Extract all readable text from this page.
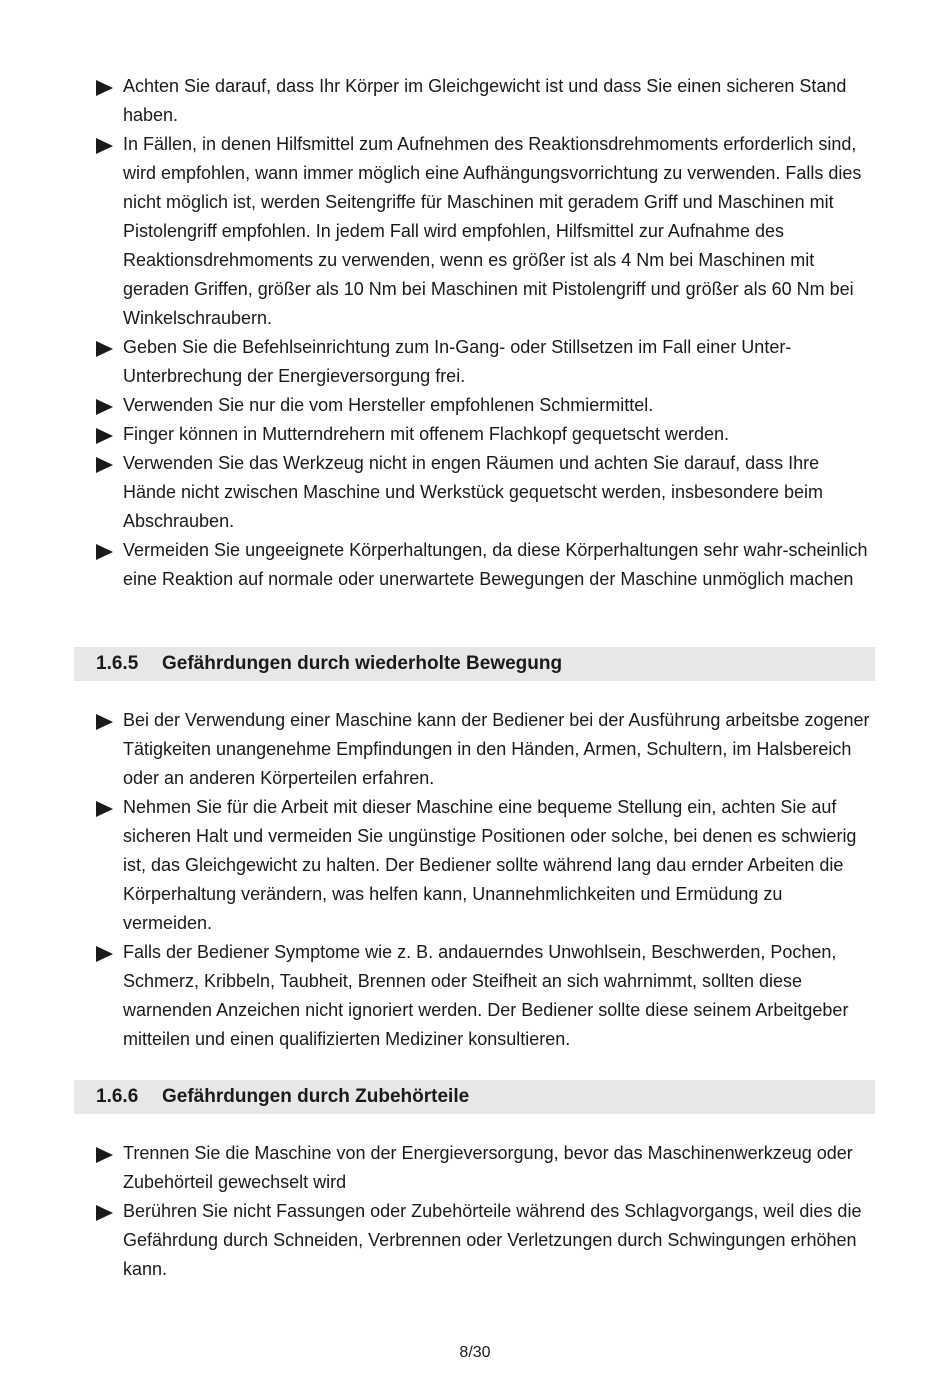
Achten Sie darauf, dass Ihr Körper im Gleichgewicht ist und dass Sie einen sicheren Stand haben.
In Fällen, in denen Hilfsmittel zum Aufnehmen des Reaktionsdrehmoments erforderlich sind, wird empfohlen, wann immer möglich eine Aufhängungsvorrichtung zu verwenden. Falls dies nicht möglich ist, werden Seitengriffe für Maschinen mit geradem Griff und Maschinen mit Pistolengriff empfohlen. In jedem Fall wird empfohlen, Hilfsmittel zur Aufnahme des Reaktionsdrehmoments zu verwenden, wenn es größer ist als 4 Nm bei Maschinen mit geraden Griffen, größer als 10 Nm bei Maschinen mit Pistolengriff und größer als 60 Nm bei Winkelschraubern.
Geben Sie die Befehlseinrichtung zum In-Gang- oder Stillsetzen im Fall einer Unter-Unterbrechung der Energieversorgung frei.
Verwenden Sie nur die vom Hersteller empfohlenen Schmiermittel.
Finger können in Mutterndrehern mit offenem Flachkopf gequetscht werden.
Verwenden Sie das Werkzeug nicht in engen Räumen und achten Sie darauf, dass Ihre Hände nicht zwischen Maschine und Werkstück gequetscht werden, insbesondere beim Abschrauben.
Vermeiden Sie ungeeignete Körperhaltungen, da diese Körperhaltungen sehr wahr-scheinlich eine Reaktion auf normale oder unerwartete Bewegungen der Maschine unmöglich machen
1.6.5 Gefährdungen durch wiederholte Bewegung
Bei der Verwendung einer Maschine kann der Bediener bei der Ausführung arbeitsbe zogener Tätigkeiten unangenehme Empfindungen in den Händen, Armen, Schultern, im Halsbereich oder an anderen Körperteilen erfahren.
Nehmen Sie für die Arbeit mit dieser Maschine eine bequeme Stellung ein, achten Sie auf sicheren Halt und vermeiden Sie ungünstige Positionen oder solche, bei denen es schwierig ist, das Gleichgewicht zu halten. Der Bediener sollte während lang dau ernder Arbeiten die Körperhaltung verändern, was helfen kann, Unannehmlichkeiten und Ermüdung zu vermeiden.
Falls der Bediener Symptome wie z. B. andauerndes Unwohlsein, Beschwerden, Pochen, Schmerz, Kribbeln, Taubheit, Brennen oder Steifheit an sich wahrnimmt, sollten diese warnenden Anzeichen nicht ignoriert werden. Der Bediener sollte diese seinem Arbeitgeber mitteilen und einen qualifizierten Mediziner konsultieren.
1.6.6 Gefährdungen durch Zubehörteile
Trennen Sie die Maschine von der Energieversorgung, bevor das Maschinenwerkzeug oder Zubehörteil gewechselt wird
Berühren Sie nicht Fassungen oder Zubehörteile während des Schlagvorgangs, weil dies die Gefährdung durch Schneiden, Verbrennen oder Verletzungen durch Schwingungen erhöhen kann.
8/30
